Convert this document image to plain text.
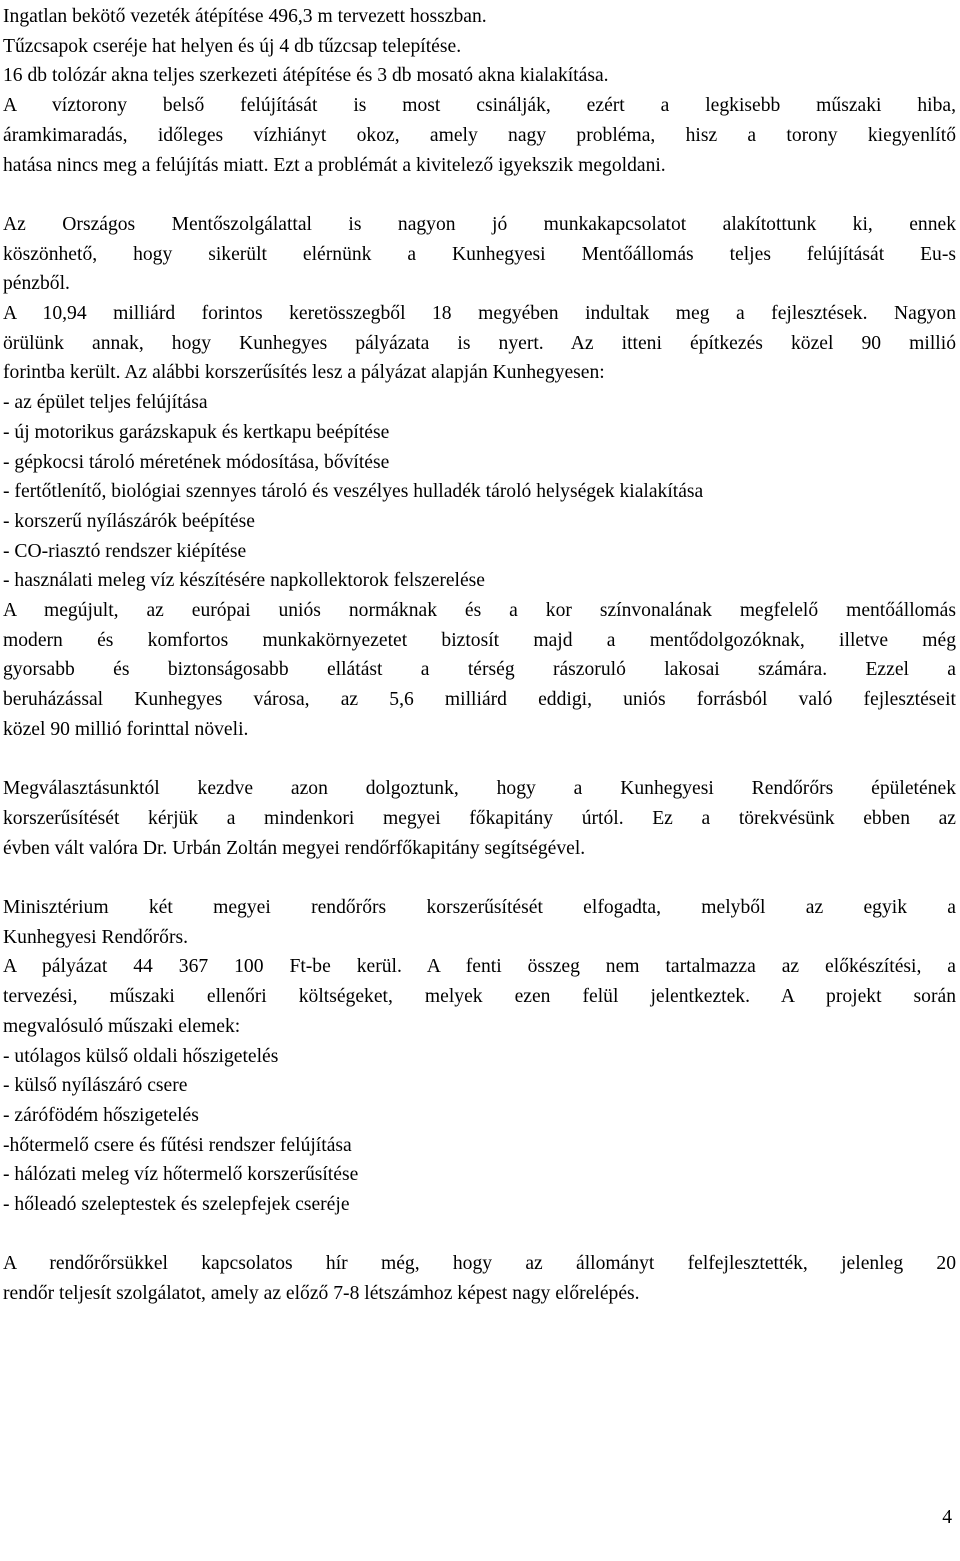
Ingatlan bekötő vezeték átépítése 496,3 m tervezett hosszban.
Tűzcsapok cseréje hat helyen és új 4 db tűzcsap telepítése.
16 db tolózár akna teljes szerkezeti átépítése és 3 db mosató akna kialakítása.
A víztorony belső felújítását is most csinálják, ezért a legkisebb műszaki hiba,
áramkimaradás, időleges vízhiányt okoz, amely nagy probléma, hisz a torony kiegyenlítő
hatása nincs meg a felújítás miatt. Ezt a problémát a kivitelező igyekszik megoldani.
Az Országos Mentőszolgálattal is nagyon jó munkakapcsolatot alakítottunk ki, ennek
köszönhető, hogy sikerült elérnünk a Kunhegyesi Mentőállomás teljes felújítását Eu-s
pénzből.
A 10,94 milliárd forintos keretösszegből 18 megyében indultak meg a fejlesztések. Nagyon
örülünk annak, hogy Kunhegyes pályázata is nyert. Az itteni építkezés közel 90 millió
forintba került. Az alábbi korszerűsítés lesz a pályázat alapján Kunhegyesen:
- az épület teljes felújítása
- új motorikus garázskapuk és kertkapu beépítése
- gépkocsi tároló méretének módosítása, bővítése
- fertőtlenítő, biológiai szennyes tároló és veszélyes hulladék tároló helységek kialakítása
- korszerű nyílászárók beépítése
- CO-riasztó rendszer kiépítése
- használati meleg víz készítésére napkollektorok felszerelése
A megújult, az európai uniós normáknak és a kor színvonalának megfelelő mentőállomás
modern és komfortos munkakörnyezetet biztosít majd a mentődolgozóknak, illetve még
gyorsabb és biztonságosabb ellátást a térség rászoruló lakosai számára. Ezzel a
beruházással Kunhegyes városa, az 5,6 milliárd eddigi, uniós forrásból való fejlesztéseit
közel 90 millió forinttal növeli.
Megválasztásunktól kezdve azon dolgoztunk, hogy a Kunhegyesi Rendőrőrs épületének
korszerűsítését kérjük a mindenkori megyei főkapitány úrtól. Ez a törekvésünk ebben az
évben vált valóra Dr. Urbán Zoltán megyei rendőrfőkapitány segítségével.
Minisztérium két megyei rendőrőrs korszerűsítését elfogadta, melyből az egyik a
Kunhegyesi Rendőrőrs.
A pályázat 44 367 100 Ft-be kerül. A fenti összeg nem tartalmazza az előkészítési, a
tervezési, műszaki ellenőri költségeket, melyek ezen felül jelentkeztek. A projekt során
megvalósuló műszaki elemek:
- utólagos külső oldali hőszigetelés
- külső nyílászáró csere
- zárófödém hőszigetelés
-hőtermelő csere és fűtési rendszer felújítása
- hálózati meleg víz hőtermelő korszerűsítése
- hőleadó szeleptestek és szelepfejek cseréje
A rendőrőrsükkel kapcsolatos hír még, hogy az állományt felfejlesztették, jelenleg 20
rendőr teljesít szolgálatot, amely az előző 7-8 létszámhoz képest nagy előrelépés.
4
